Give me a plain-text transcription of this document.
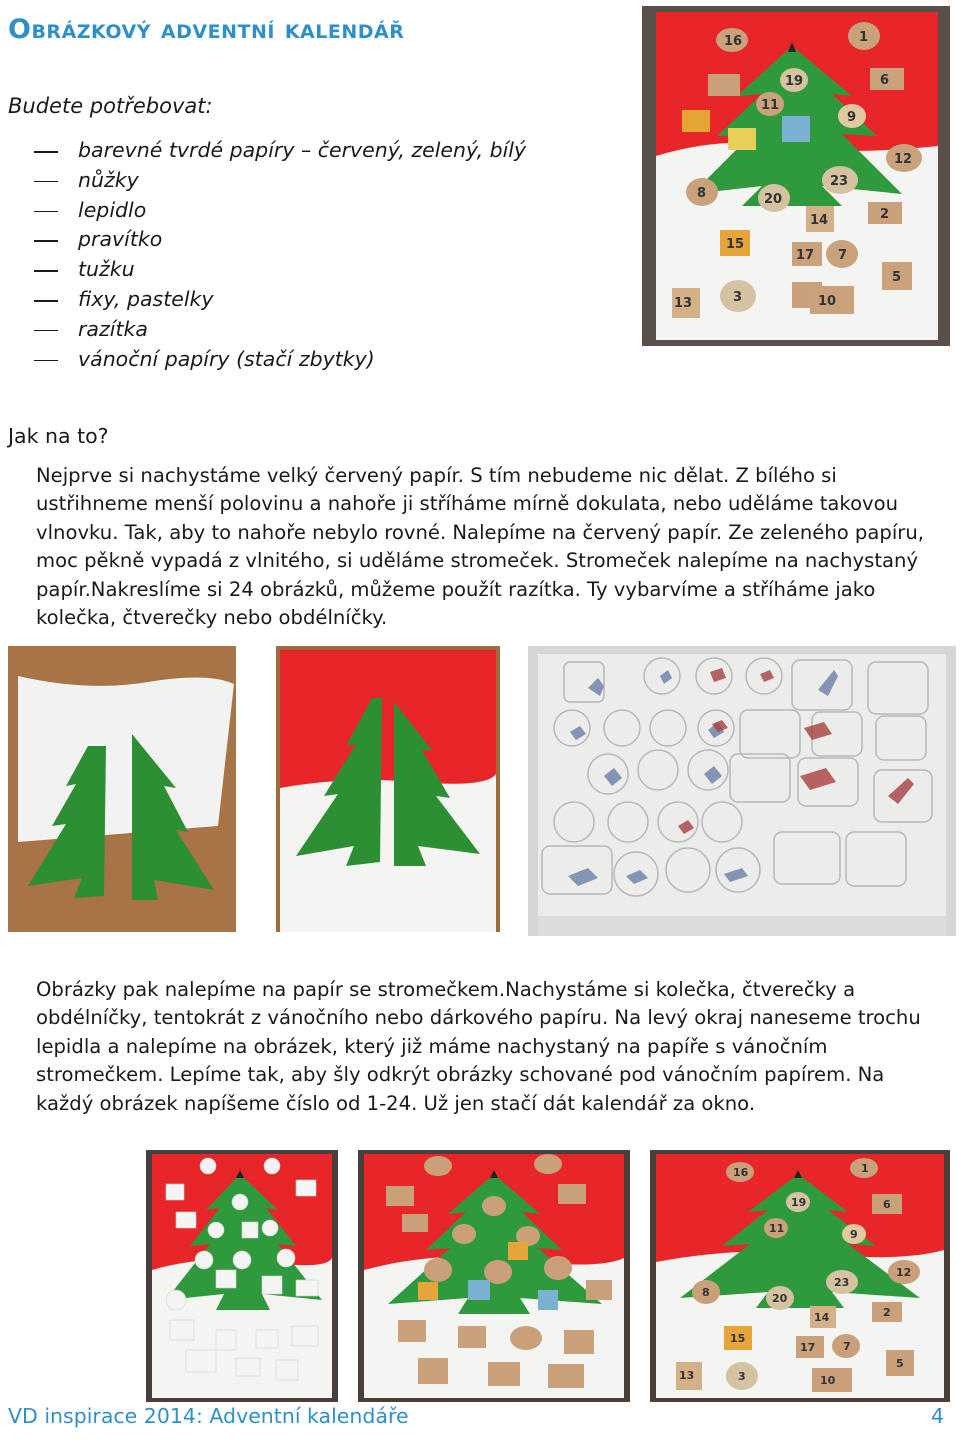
Obrázkový adventní kalendář
Budete potřebovat:
barevné tvrdé papíry – červený, zelený, bílý
nůžky
lepidlo
pravítko
tužku
fixy, pastelky
razítka
vánoční papíry (stačí zbytky)
16	1
19	6
11
9
12
23
8	20
14	2
15
17 7
5
13	3	10
Jak na to?

Nejprve si nachystáme velký červený papír. S tím nebudeme nic dělat. Z bílého si ustřihneme menší polovinu a nahoře ji stříháme mírně dokulata, nebo uděláme takovou vlnovku. Tak, aby to nahoře nebylo rovné. Nalepíme na červený papír. Ze zeleného papíru, moc pěkně vypadá z vlnitého, si uděláme stromeček. Stromeček nalepíme na nachystaný papír.Nakreslíme si 24 obrázků, můžeme použít razítka. Ty vybarvíme a stříháme jako kolečka, čtverečky nebo obdélníčky.

Obrázky pak nalepíme na papír se stromečkem.Nachystáme si kolečka, čtverečky a obdélníčky, tentokrát z vánočního nebo dárkového papíru. Na levý okraj naneseme trochu lepidla a nalepíme na obrázek, který již máme nachystaný na papíře s vánočním stromečkem. Lepíme tak, aby šly odkrýt obrázky schované pod vánočním papírem. Na každý obrázek napíšeme číslo od 1-24. Už jen stačí dát kalendář za okno.

16	1
19	6
11	9
12
23
8	20
14	2
15
17	7
5
13	3	10
VD inspirace 2014: Adventní kalendáře	4
